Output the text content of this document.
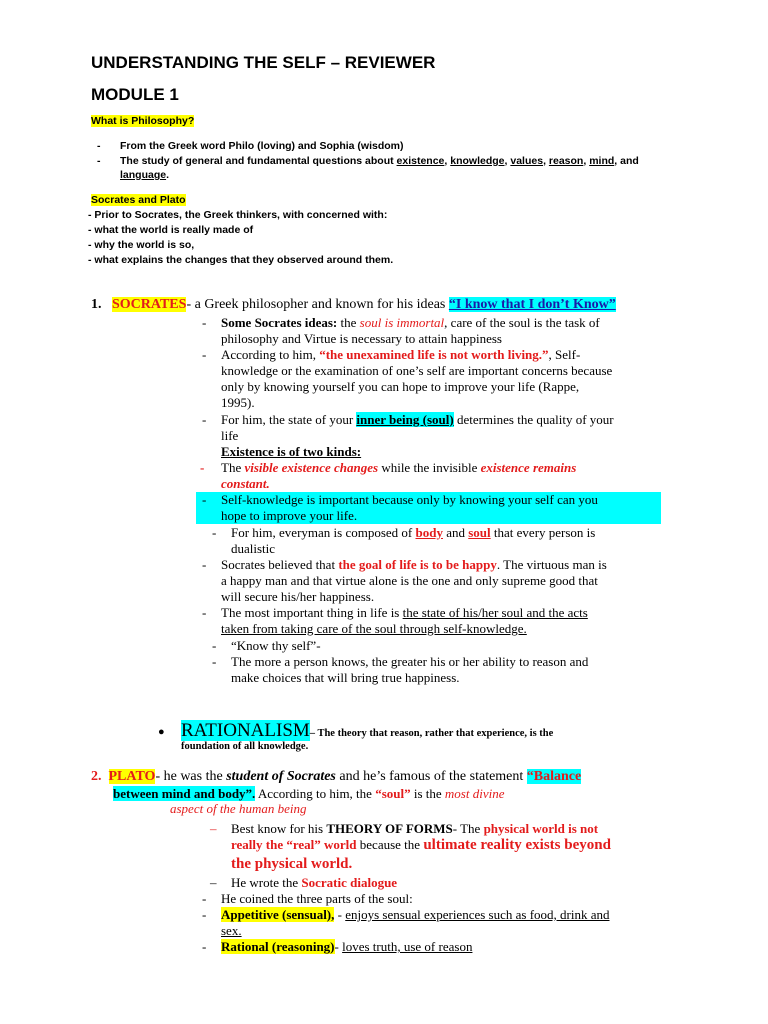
UNDERSTANDING THE SELF – REVIEWER
MODULE 1
What is Philosophy?
- From the Greek word Philo (loving) and Sophia (wisdom)
- The study of general and fundamental questions about existence, knowledge, values, reason, mind, and
language.
Socrates and Plato
- Prior to Socrates, the Greek thinkers, with concerned with:
- what the world is really made of
- why the world is so,
- what explains the changes that they observed around them.
1. SOCRATES- a Greek philosopher and known for his ideas “I know that I don’t Know”
- Some Socrates ideas: the soul is immortal, care of the soul is the task of
philosophy and Virtue is necessary to attain happiness
- According to him, “the unexamined life is not worth living.”, Self-
knowledge or the examination of one’s self are important concerns because
only by knowing yourself you can hope to improve your life (Rappe,
1995).
- For him, the state of your inner being (soul) determines the quality of your
life
Existence is of two kinds:
- The visible existence changes while the invisible existence remains
constant.
- Self-knowledge is important because only by knowing your self can you
hope to improve your life.
- For him, everyman is composed of body and soul that every person is
dualistic
- Socrates believed that the goal of life is to be happy. The virtuous man is
a happy man and that virtue alone is the one and only supreme good that
will secure his/her happiness.
- The most important thing in life is the state of his/her soul and the acts
taken from taking care of the soul through self-knowledge.
- “Know thy self”-
- The more a person knows, the greater his or her ability to reason and
make choices that will bring true happiness.
● RATIONALISM– The theory that reason, rather that experience, is the
foundation of all knowledge.
2. PLATO- he was the student of Socrates and he’s famous of the statement “Balance
between mind and body”. According to him, the “soul” is the most divine
aspect of the human being
– Best know for his THEORY OF FORMS- The physical world is not
really the “real” world because the ultimate reality exists beyond
the physical world.
– He wrote the Socratic dialogue
- He coined the three parts of the soul:
- Appetitive (sensual), - enjoys sensual experiences such as food, drink and
sex.
- Rational (reasoning)- loves truth, use of reason
